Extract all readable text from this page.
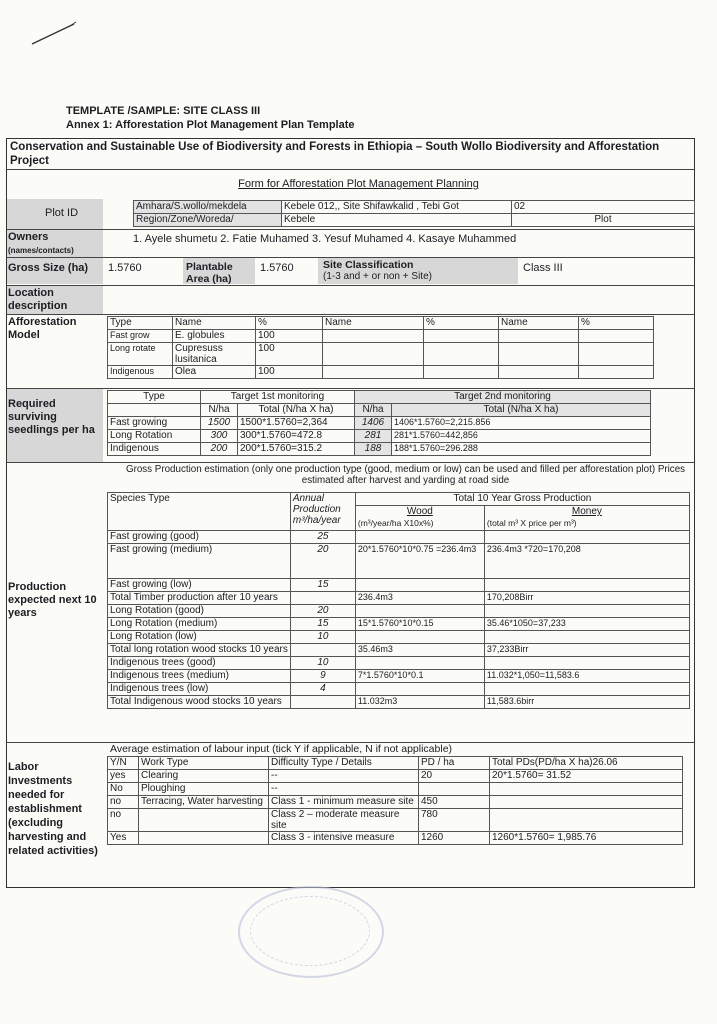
TEMPLATE /SAMPLE: SITE CLASS III
Annex 1: Afforestation Plot Management Plan Template
Conservation and Sustainable Use of Biodiversity and Forests in Ethiopia – South Wollo Biodiversity and Afforestation Project
Form for Afforestation Plot Management Planning
Plot ID
Amhara/S.wollo/mekdela	Kebele 012,, Site Shifawkalid , Tebi Got	02
Region/Zone/Woreda/	Kebele	Plot
Owners
(names/contacts)
1. Ayele shumetu 2. Fatie Muhamed 3. Yesuf Muhamed 4. Kasaye Muhammed
Gross Size (ha) 1.5760	Plantable Area (ha)
1.5760	Site Classification
(1-3 and + or non + Site)
Class III
Location description
Afforestation Model
Type	Name	%	Name	%	Name	%
Fast grow	E. globules	100				
Long rotate	Cupresuss lusitanica	100				
Indigenous	Olea	100				
Required surviving seedlings per ha
Type	Target 1st monitoring		Target 2nd monitoring	
	N/ha	Total (N/ha X ha)	N/ha	Total (N/ha X ha)
Fast growing	1500	1500*1.5760=2,364	1406	1406*1.5760=2,215.856
Long Rotation	300	300*1.5760=472.8	281	281*1.5760=442,856
Indigenous	200	200*1.5760=315.2	188	188*1.5760=296.288
Gross Production estimation (only one production type (good, medium or low) can be used and filled per afforestation plot) Prices estimated after harvest and yarding at road side
Production expected next 10 years
Species Type	Annual Production m³/ha/year	Total 10 Year Gross Production	
		Wood	Money
		(m³/year/ha X10x%)	(total m³ X price per m³)
Fast growing (good)	25		
Fast growing (medium)	20	20*1.5760*10*0.75 =236.4m3	236.4m3 *720=170,208
Fast growing (low)	15		
Total Timber production after 10 years		236.4m3	170,208Birr
Long Rotation (good)	20		
Long Rotation (medium)	15	15*1.5760*10*0.15	35.46*1050=37,233
Long Rotation (low)	10		
Total long rotation wood stocks 10 years		35.46m3	37,233Birr
Indigenous trees (good)	10		
Indigenous trees (medium)	9	7*1.5760*10*0.1	11.032*1,050=11,583.6
Indigenous trees (low)	4		
Total Indigenous wood stocks 10 years		11.032m3	11,583.6birr
Average estimation of labour input (tick Y if applicable, N if not applicable)
Labor Investments needed for establishment (excluding harvesting and related activities)
Y/N	Work Type	Difficulty Type / Details	PD / ha	Total PDs(PD/ha X ha)26.06
yes	Clearing	--	20	20*1.5760= 31.52
No	Ploughing	--		
no	Terracing, Water harvesting	Class 1 - minimum measure site	450	
no		Class 2 – moderate measure site	780	
Yes		Class 3 - intensive measure	1260	1260*1.5760= 1,985.76
